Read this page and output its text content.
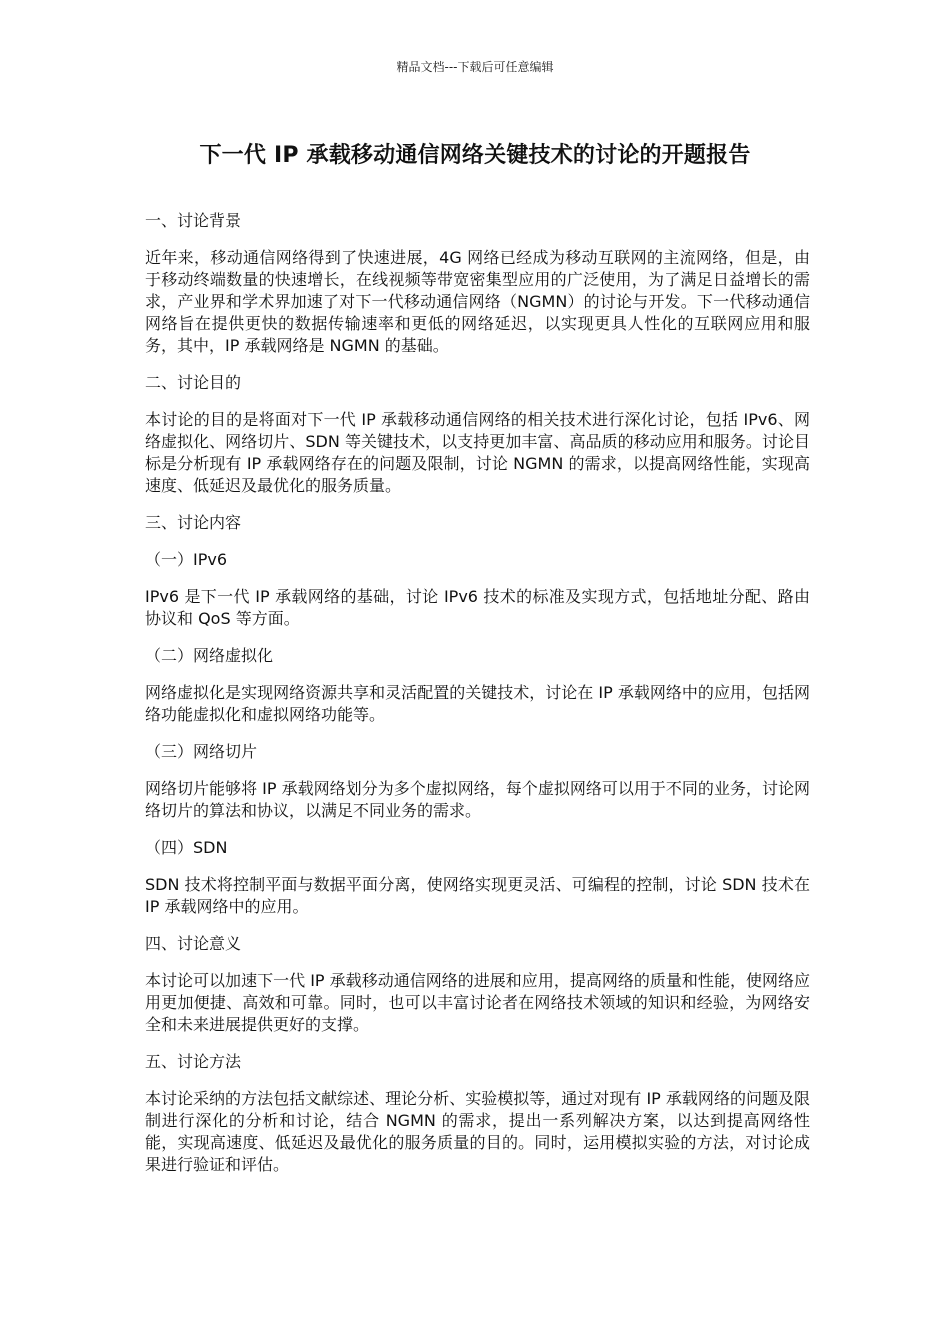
精品文档---下载后可任意编辑
下一代 IP 承载移动通信网络关键技术的讨论的开题报告
一、讨论背景
近年来，移动通信网络得到了快速进展，4G 网络已经成为移动互联网的主流网络，但是，由于移动终端数量的快速增长，在线视频等带宽密集型应用的广泛使用，为了满足日益增长的需求，产业界和学术界加速了对下一代移动通信网络（NGMN）的讨论与开发。下一代移动通信网络旨在提供更快的数据传输速率和更低的网络延迟，以实现更具人性化的互联网应用和服务，其中，IP 承载网络是 NGMN 的基础。
二、讨论目的
本讨论的目的是将面对下一代 IP 承载移动通信网络的相关技术进行深化讨论，包括 IPv6、网络虚拟化、网络切片、SDN 等关键技术，以支持更加丰富、高品质的移动应用和服务。讨论目标是分析现有 IP 承载网络存在的问题及限制，讨论 NGMN 的需求，以提高网络性能，实现高速度、低延迟及最优化的服务质量。
三、讨论内容
（一）IPv6
IPv6 是下一代 IP 承载网络的基础，讨论 IPv6 技术的标准及实现方式，包括地址分配、路由协议和 QoS 等方面。
（二）网络虚拟化
网络虚拟化是实现网络资源共享和灵活配置的关键技术，讨论在 IP 承载网络中的应用，包括网络功能虚拟化和虚拟网络功能等。
（三）网络切片
网络切片能够将 IP 承载网络划分为多个虚拟网络，每个虚拟网络可以用于不同的业务，讨论网络切片的算法和协议，以满足不同业务的需求。
（四）SDN
SDN 技术将控制平面与数据平面分离，使网络实现更灵活、可编程的控制，讨论 SDN 技术在 IP 承载网络中的应用。
四、讨论意义
本讨论可以加速下一代 IP 承载移动通信网络的进展和应用，提高网络的质量和性能，使网络应用更加便捷、高效和可靠。同时，也可以丰富讨论者在网络技术领域的知识和经验，为网络安全和未来进展提供更好的支撑。
五、讨论方法
本讨论采纳的方法包括文献综述、理论分析、实验模拟等，通过对现有 IP 承载网络的问题及限制进行深化的分析和讨论，结合 NGMN 的需求，提出一系列解决方案，以达到提高网络性能，实现高速度、低延迟及最优化的服务质量的目的。同时，运用模拟实验的方法，对讨论成果进行验证和评估。
